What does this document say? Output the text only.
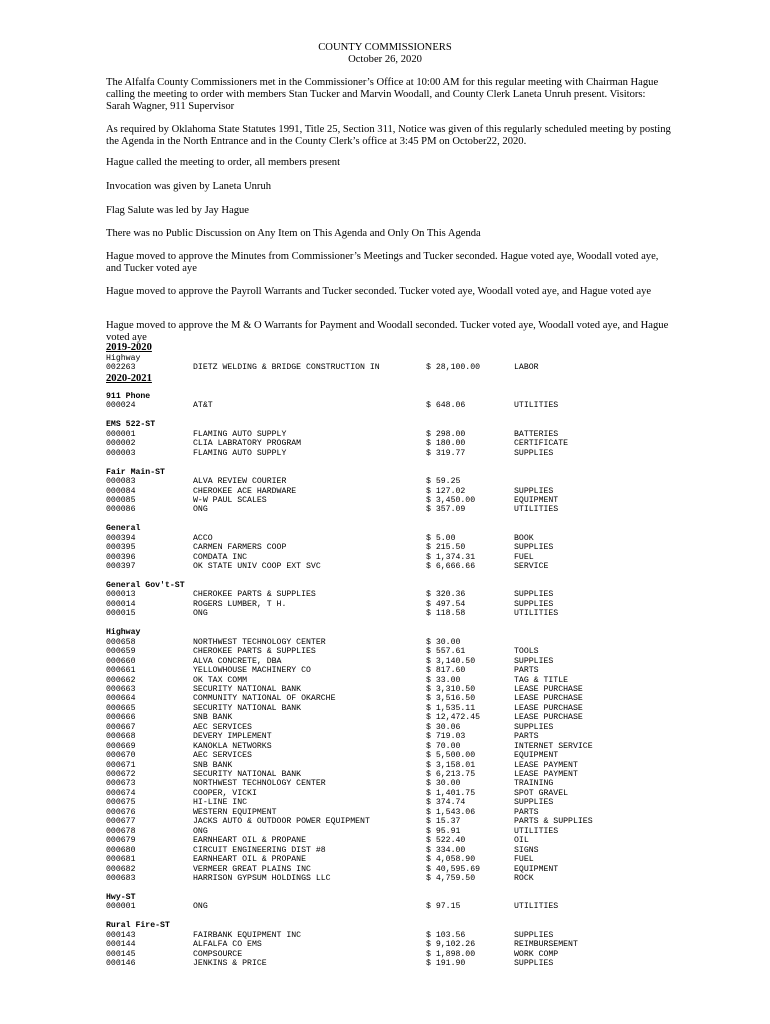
COUNTY COMMISSIONERS
October 26, 2020
The Alfalfa County Commissioners met in the Commissioner’s Office at 10:00 AM for this regular meeting with Chairman Hague calling the meeting to order with members Stan Tucker and Marvin Woodall, and County Clerk Laneta Unruh present. Visitors: Sarah Wagner, 911 Supervisor
As required by Oklahoma State Statutes 1991, Title 25, Section 311, Notice was given of this regularly scheduled meeting by posting the Agenda in the North Entrance and in the County Clerk’s office at 3:45 PM on October22, 2020.
Hague called the meeting to order, all members present
Invocation was given by Laneta Unruh
Flag Salute was led by Jay Hague
There was no Public Discussion on Any Item on This Agenda and Only On This Agenda
Hague moved to approve the Minutes from Commissioner’s Meetings and Tucker seconded. Hague voted aye, Woodall voted aye, and Tucker voted aye
Hague moved to approve the Payroll Warrants and Tucker seconded. Tucker voted aye, Woodall voted aye, and Hague voted aye
Hague moved to approve the M & O Warrants for Payment and Woodall seconded. Tucker voted aye, Woodall voted aye, and Hague voted aye
2019-2020
Highway
002263	DIETZ WELDING & BRIDGE CONSTRUCTION IN	$ 28,100.00	LABOR
2020-2021
911 Phone
000024	AT&T	$ 648.06	UTILITIES
EMS 522-ST
000001	FLAMING AUTO SUPPLY	$ 298.00	BATTERIES
000002	CLIA LABRATORY PROGRAM	$ 180.00	CERTIFICATE
000003	FLAMING AUTO SUPPLY	$ 319.77	SUPPLIES
Fair Main-ST
000083	ALVA REVIEW COURIER	$ 59.25
000084	CHEROKEE ACE HARDWARE	$ 127.02	SUPPLIES
000085	W-W PAUL SCALES	$ 3,450.00	EQUIPMENT
000086	ONG	$ 357.09	UTILITIES
General
000394	ACCO	$ 5.00	BOOK
000395	CARMEN FARMERS COOP	$ 215.50	SUPPLIES
000396	COMDATA INC	$ 1,374.31	FUEL
000397	OK STATE UNIV COOP EXT SVC	$ 6,666.66	SERVICE
General Gov't-ST
000013	CHEROKEE PARTS & SUPPLIES	$ 320.36	SUPPLIES
000014	ROGERS LUMBER, T H.	$ 497.54	SUPPLIES
000015	ONG	$ 118.58	UTILITIES
Highway
000658	NORTHWEST TECHNOLOGY CENTER	$ 30.00
000659	CHEROKEE PARTS & SUPPLIES	$ 557.61	TOOLS
000660	ALVA CONCRETE, DBA	$ 3,140.50	SUPPLIES
000661	YELLOWHOUSE MACHINERY CO	$ 817.60	PARTS
000662	OK TAX COMM	$ 33.00	TAG & TITLE
000663	SECURITY NATIONAL BANK	$ 3,310.50	LEASE PURCHASE
000664	COMMUNITY NATIONAL OF OKARCHE	$ 3,516.50	LEASE PURCHASE
000665	SECURITY NATIONAL BANK	$ 1,535.11	LEASE PURCHASE
000666	SNB BANK	$ 12,472.45	LEASE PURCHASE
000667	AEC SERVICES	$ 30.06	SUPPLIES
000668	DEVERY IMPLEMENT	$ 719.03	PARTS
000669	KANOKLA NETWORKS	$ 70.00	INTERNET SERVICE
000670	AEC SERVICES	$ 5,500.00	EQUIPMENT
000671	SNB BANK	$ 3,158.01	LEASE PAYMENT
000672	SECURITY NATIONAL BANK	$ 6,213.75	LEASE PAYMENT
000673	NORTHWEST TECHNOLOGY CENTER	$ 30.00	TRAINING
000674	COOPER, VICKI	$ 1,401.75	SPOT GRAVEL
000675	HI-LINE INC	$ 374.74	SUPPLIES
000676	WESTERN EQUIPMENT	$ 1,543.06	PARTS
000677	JACKS AUTO & OUTDOOR POWER EQUIPMENT	$ 15.37	PARTS & SUPPLIES
000678	ONG	$ 95.91	UTILITIES
000679	EARNHEART OIL & PROPANE	$ 522.40	OIL
000680	CIRCUIT ENGINEERING DIST #8	$ 334.00	SIGNS
000681	EARNHEART OIL & PROPANE	$ 4,058.90	FUEL
000682	VERMEER GREAT PLAINS INC	$ 40,595.69	EQUIPMENT
000683	HARRISON GYPSUM HOLDINGS LLC	$ 4,759.50	ROCK
Hwy-ST
000001	ONG	$ 97.15	UTILITIES
Rural Fire-ST
000143	FAIRBANK EQUIPMENT INC	$ 103.56	SUPPLIES
000144	ALFALFA CO EMS	$ 9,102.26	REIMBURSEMENT
000145	COMPSOURCE	$ 1,898.00	WORK COMP
000146	JENKINS & PRICE	$ 191.90	SUPPLIES
